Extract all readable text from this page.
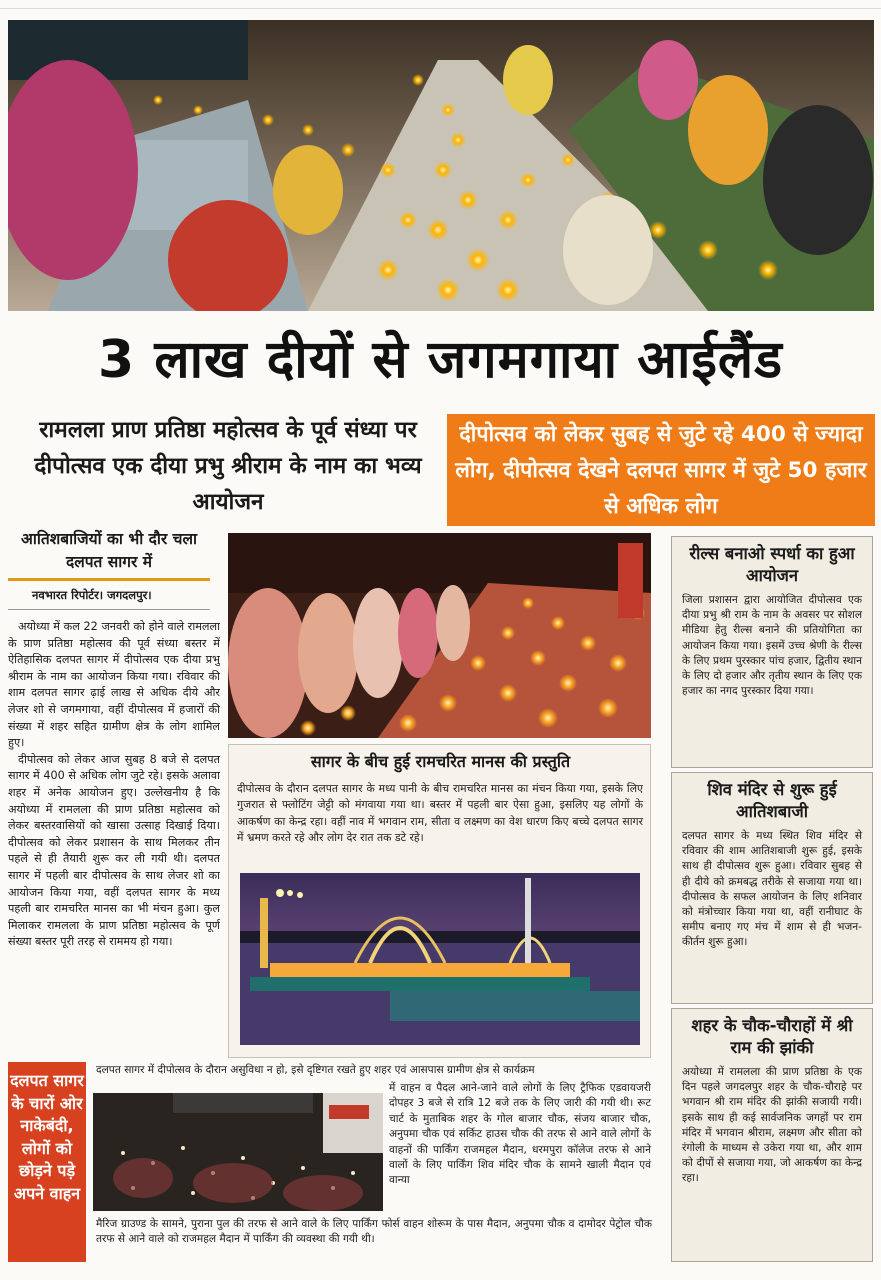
3 लाख दीयों से जगमगाया आईलैंड
रामलला प्राण प्रतिष्ठा महोत्सव के पूर्व संध्या पर दीपोत्सव एक दीया प्रभु श्रीराम के नाम का भव्य आयोजन
दीपोत्सव को लेकर सुबह से जुटे रहे 400 से ज्यादा लोग, दीपोत्सव देखने दलपत सागर में जुटे 50 हजार से अधिक लोग
आतिशबाजियों का भी दौर चला दलपत सागर में
नवभारत रिपोर्टर। जगदलपुर।

अयोध्या में कल 22 जनवरी को होने वाले रामलला के प्राण प्रतिष्ठा महोत्सव की पूर्व संध्या बस्तर में ऐतिहासिक दलपत सागर में दीपोत्सव एक दीया प्रभु श्रीराम के नाम का आयोजन किया गया। रविवार की शाम दलपत सागर ढ़ाई लाख से अधिक दीये और लेजर शो से जगमगाया, वहीं दीपोत्सव में हजारों की संख्या में शहर सहित ग्रामीण क्षेत्र के लोग शामिल हुए।

दीपोत्सव को लेकर आज सुबह 8 बजे से दलपत सागर में 400 से अधिक लोग जुटे रहे। इसके अलावा शहर में अनेक आयोजन हुए। उल्लेखनीय है कि अयोध्या में रामलला की प्राण प्रतिष्ठा महोत्सव को लेकर बस्तरवासियों को खासा उत्साह दिखाई दिया। दीपोत्सव को लेकर प्रशासन के साथ मिलकर तीन पहले से ही तैयारी शुरू कर ली गयी थी। दलपत सागर में पहली बार दीपोत्सव के साथ लेजर शो का आयोजन किया गया, वहीं दलपत सागर के मध्य पहली बार रामचरित मानस का भी मंचन हुआ। कुल मिलाकर रामलला के प्राण प्रतिष्ठा महोत्सव के पूर्ण संख्या बस्तर पूरी तरह से राममय हो गया।

सागर के बीच हुई रामचरित मानस की प्रस्तुति
दीपोत्सव के दौरान दलपत सागर के मध्य पानी के बीच रामचरित मानस का मंचन किया गया, इसके लिए गुजरात से फ्लोटिंग जेट्टी को मंगवाया गया था। बस्तर में पहली बार ऐसा हुआ, इसलिए यह लोगों के आकर्षण का केन्द्र रहा। वहीं नाव में भगवान राम, सीता व लक्ष्मण का वेश धारण किए बच्चे दलपत सागर में भ्रमण करते रहे और लोग देर रात तक डटे रहे।
रील्स बनाओ स्पर्धा का हुआ आयोजन
जिला प्रशासन द्वारा आयोजित दीपोत्सव एक दीया प्रभु श्री राम के नाम के अवसर पर सोशल मीडिया हेतु रील्स बनाने की प्रतियोगिता का आयोजन किया गया। इसमें उच्च श्रेणी के रील्स के लिए प्रथम पुरस्कार पांच हजार, द्वितीय स्थान के लिए दो हजार और तृतीय स्थान के लिए एक हजार का नगद पुरस्कार दिया गया।
शिव मंदिर से शुरू हुई आतिशबाजी
दलपत सागर के मध्य स्थित शिव मंदिर से रविवार की शाम आतिशबाजी शुरू हुई, इसके साथ ही दीपोत्सव शुरू हुआ। रविवार सुबह से ही दीये को क्रमबद्ध तरीके से सजाया गया था। दीपोत्सव के सफल आयोजन के लिए शनिवार को मंत्रोच्चार किया गया था, वहीं रानीघाट के समीप बनाए गए मंच में शाम से ही भजन-कीर्तन शुरू हुआ।
शहर के चौक-चौराहों में श्री राम की झांकी
अयोध्या में रामलला की प्राण प्रतिष्ठा के एक दिन पहले जगदलपुर शहर के चौक-चौराहे पर भगवान श्री राम मंदिर की झांकी सजायी गयी। इसके साथ ही कई सार्वजनिक जगहों पर राम मंदिर में भगवान श्रीराम, लक्ष्मण और सीता को रंगोली के माध्यम से उकेरा गया था, और शाम को दीपों से सजाया गया, जो आकर्षण का केन्द्र रहा।
दलपत सागर के चारों ओर नाकेबंदी, लोगों को छोड़ने पड़े अपने वाहन
दलपत सागर में दीपोत्सव के दौरान असुविधा न हो, इसे दृष्टिगत रखते हुए शहर एवं आसपास ग्रामीण क्षेत्र से कार्यक्रम
में वाहन व पैदल आने-जाने वाले लोगों के लिए ट्रैफिक एडवायजरी दोपहर 3 बजे से रात्रि 12 बजे तक के लिए जारी की गयी थी। रूट चार्ट के मुताबिक शहर के गोल बाजार चौक, संजय बाजार चौक, अनुपमा चौक एवं सर्किट हाउस चौक की तरफ से आने वाले लोगों के वाहनों की पार्किंग राजमहल मैदान, धरमपुरा कॉलेज तरफ से आने वालों के लिए पार्किंग शिव मंदिर चौक के सामने खाली मैदान एवं वान्या
मैरिज ग्राउण्ड के सामने, पुराना पुल की तरफ से आने वाले के लिए पार्किंग फोर्स वाहन शोरूम के पास मैदान, अनुपमा चौक व दामोदर पेट्रोल चौक तरफ से आने वाले को राजमहल मैदान में पार्किंग की व्यवस्था की गयी थी।
